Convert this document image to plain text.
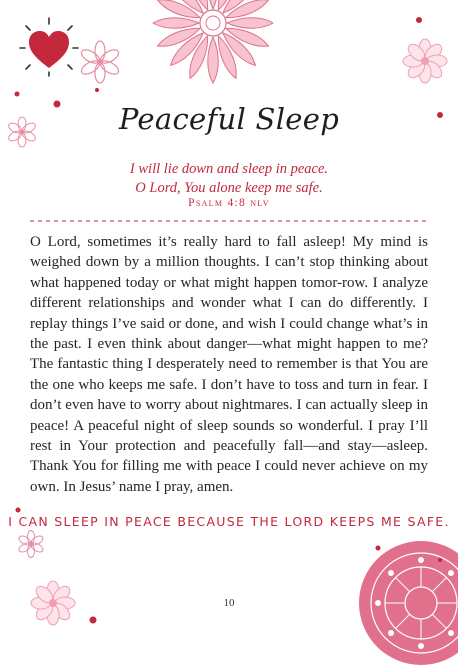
Peaceful Sleep
I will lie down and sleep in peace.
O Lord, You alone keep me safe.
Psalm 4:8 nlv
O Lord, sometimes it’s really hard to fall asleep! My mind is weighed down by a million thoughts. I can’t stop thinking about what happened today or what might happen tomor-row. I analyze different relationships and wonder what I can do differently. I replay things I’ve said or done, and wish I could change what’s in the past. I even think about danger—what might happen to me? The fantastic thing I desperately need to remember is that You are the one who keeps me safe. I don’t have to toss and turn in fear. I don’t even have to worry about nightmares. I can actually sleep in peace! A peaceful night of sleep sounds so wonderful. I pray I’ll rest in Your protection and peacefully fall—and stay—asleep. Thank You for filling me with peace I could never achieve on my own. In Jesus’ name I pray, amen.
I CAN SLEEP IN PEACE BECAUSE THE LORD KEEPS ME SAFE.
10
